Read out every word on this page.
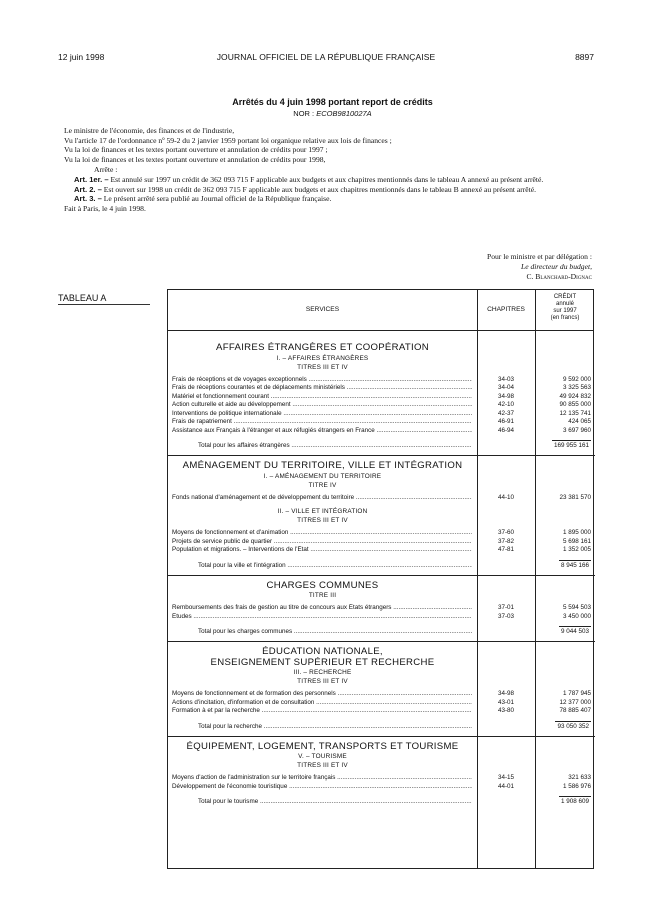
12 juin 1998	JOURNAL OFFICIEL DE LA RÉPUBLIQUE FRANÇAISE	8897
Arrêtés du 4 juin 1998 portant report de crédits
NOR : ECOB9810027A

Le ministre de l'économie, des finances et de l'industrie,

Vu l'article 17 de l'ordonnance nº 59-2 du 2 janvier 1959 portant loi organique relative aux lois de finances ;

Vu la loi de finances et les textes portant ouverture et annulation de crédits pour 1997 ;

Vu la loi de finances et les textes portant ouverture et annulation de crédits pour 1998,

Arrête :

Art. 1er. – Est annulé sur 1997 un crédit de 362 093 715 F applicable aux budgets et aux chapitres mentionnés dans le tableau A annexé au présent arrêté.

Art. 2. – Est ouvert sur 1998 un crédit de 362 093 715 F applicable aux budgets et aux chapitres mentionnés dans le tableau B annexé au présent arrêté.

Art. 3. – Le présent arrêté sera publié au Journal officiel de la République française.

Fait à Paris, le 4 juin 1998.

Pour le ministre et par délégation :

Le directeur du budget,

C. Blanchard-Dignac

TABLEAU A
SERVICES	CHAPITRES
CRÉDIT
annulé
sur 1997
(en francs)
AFFAIRES ÉTRANGÈRES ET COOPÉRATION
I. – AFFAIRES ÉTRANGÈRES
TITRES III ET IV
Frais de réceptions et de voyages exceptionnels .....	34-03	9 592 000
Frais de réceptions courantes et de déplacements ministériels .....	34-04	3 325 563
Matériel et fonctionnement courant .....	34-98	49 924 832
Action culturelle et aide au développement .....	42-10	90 855 000
Interventions de politique internationale .....	42-37	12 135 741
Frais de rapatriement .....	46-91	424 065
Assistance aux Français à l'étranger et aux réfugiés étrangers en France .....	46-94	3 697 960
Total pour les affaires étrangères .....	169 955 161
AMÉNAGEMENT DU TERRITOIRE, VILLE ET INTÉGRATION
I. – AMÉNAGEMENT DU TERRITOIRE
TITRE IV
Fonds national d'aménagement et de développement du territoire .....	44-10	23 381 570
II. – VILLE ET INTÉGRATION
TITRES III ET IV
Moyens de fonctionnement et d'animation .....	37-60	1 895 000
Projets de service public de quartier .....	37-82	5 698 161
Population et migrations. – Interventions de l'État .....	47-81	1 352 005
Total pour la ville et l'intégration .....	8 945 166
CHARGES COMMUNES
TITRE III
Remboursements des frais de gestion au titre de concours aux États étrangers .....	37-01	5 594 503
Études .....	37-03	3 450 000
Total pour les charges communes .....	9 044 503
ÉDUCATION NATIONALE,
ENSEIGNEMENT SUPÉRIEUR ET RECHERCHE
III. – RECHERCHE
TITRES III ET IV
Moyens de fonctionnement et de formation des personnels .....	34-98	1 787 945
Actions d'incitation, d'information et de consultation .....	43-01	12 377 000
Formation à et par la recherche .....	43-80	78 885 407
Total pour la recherche .....	93 050 352
ÉQUIPEMENT, LOGEMENT, TRANSPORTS ET TOURISME
V. – TOURISME
TITRES III ET IV
Moyens d'action de l'administration sur le territoire français .....	34-15	321 633
Développement de l'économie touristique .....	44-01	1 586 976
Total pour le tourisme .....	1 908 609
